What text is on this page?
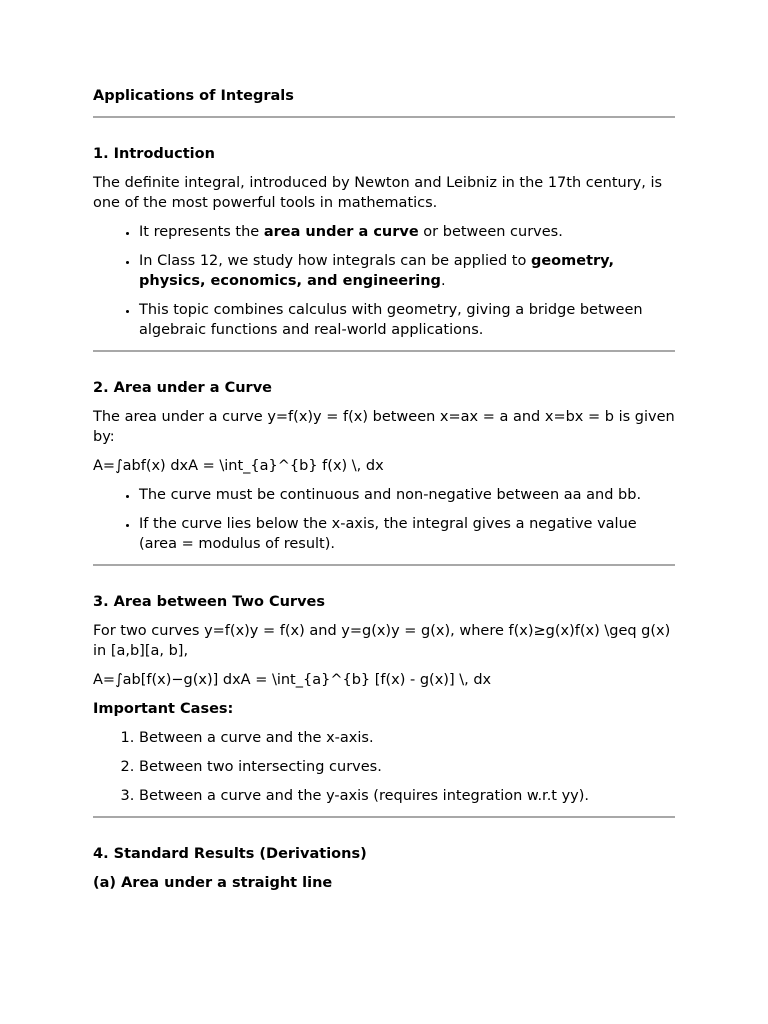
Applications of Integrals
1. Introduction

The definite integral, introduced by Newton and Leibniz in the 17th century, is one of the most powerful tools in mathematics.

• It represents the area under a curve or between curves.
• In Class 12, we study how integrals can be applied to geometry, physics, economics, and engineering.
• This topic combines calculus with geometry, giving a bridge between algebraic functions and real-world applications.
2. Area under a Curve

The area under a curve y=f(x)y = f(x) between x=ax = a and x=bx = b is given by:

A=∫abf(x) dxA = \int_{a}^{b} f(x) \, dx

• The curve must be continuous and non-negative between aa and bb.
• If the curve lies below the x-axis, the integral gives a negative value (area = modulus of result).
3. Area between Two Curves

For two curves y=f(x)y = f(x) and y=g(x)y = g(x), where f(x)≥g(x)f(x) \geq g(x) in [a,b][a, b],

A=∫ab[f(x)−g(x)] dxA = \int_{a}^{b} [f(x) - g(x)] \, dx

Important Cases:

1. Between a curve and the x-axis.
2. Between two intersecting curves.
3. Between a curve and the y-axis (requires integration w.r.t yy).
4. Standard Results (Derivations)
(a) Area under a straight line
